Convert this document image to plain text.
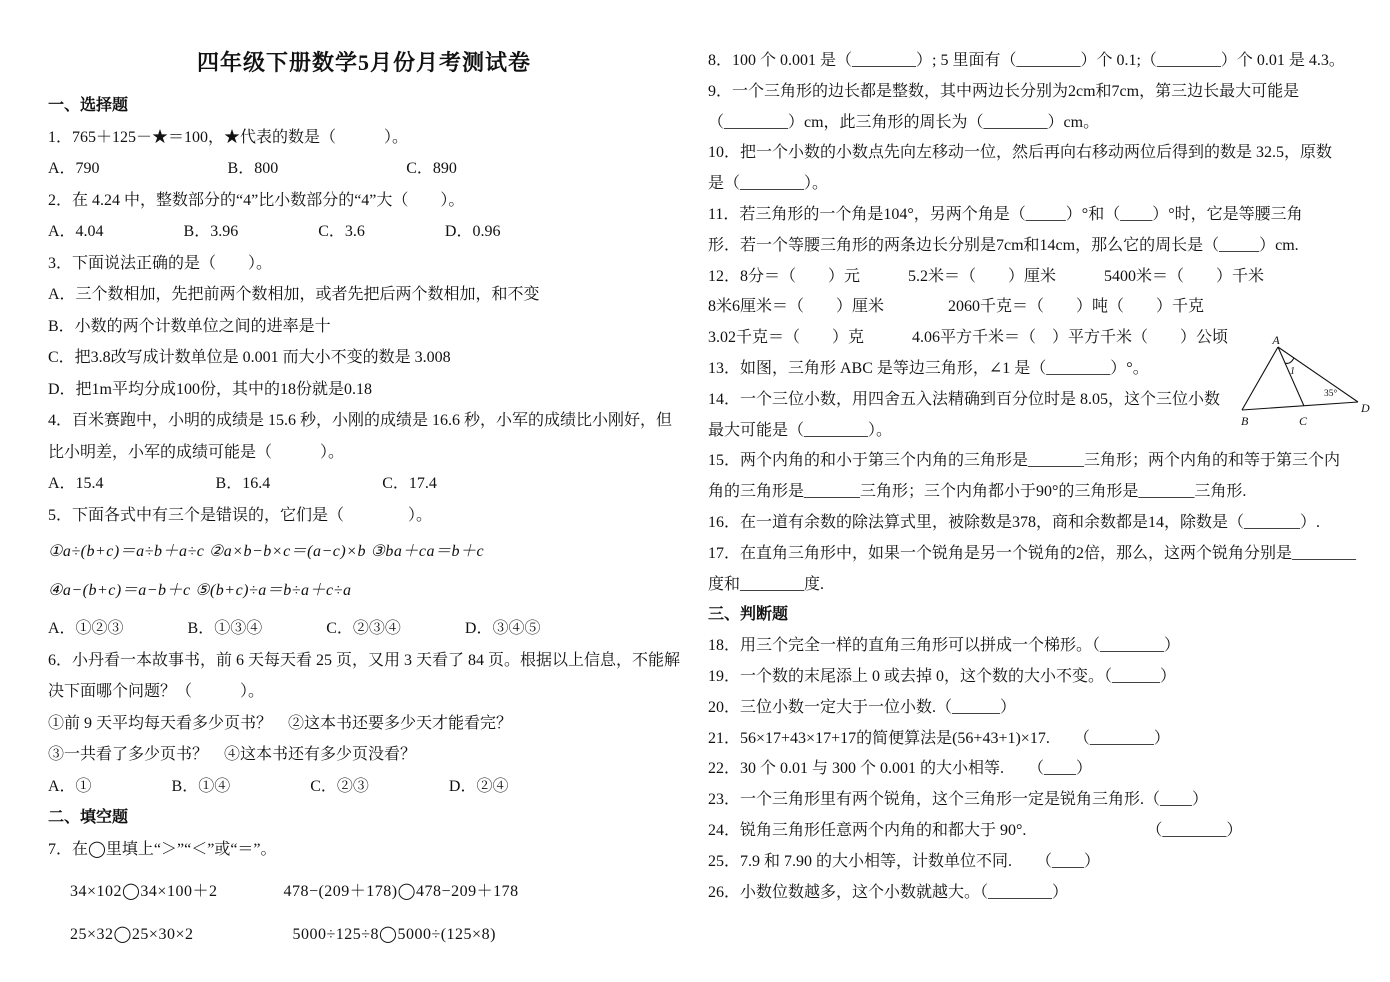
四年级下册数学5月份月考测试卷
一、选择题
1．765＋125－★＝100，★代表的数是（　　　）。
A．790　　　　　　　　B．800　　　　　　　　C．890
2．在 4.24 中，整数部分的“4”比小数部分的“4”大（　　）。
A．4.04　　　　　B．3.96　　　　　C．3.6　　　　　D．0.96
3．下面说法正确的是（　　）。
A．三个数相加，先把前两个数相加，或者先把后两个数相加，和不变
B．小数的两个计数单位之间的进率是十
C．把3.8改写成计数单位是 0.001 而大小不变的数是 3.008
D．把1m平均分成100份，其中的18份就是0.18
4．百米赛跑中，小明的成绩是 15.6 秒，小刚的成绩是 16.6 秒，小军的成绩比小刚好，但
比小明差，小军的成绩可能是（　　　）。
A．15.4　　　　　　　B．16.4　　　　　　　C．17.4
5．下面各式中有三个是错误的，它们是（　　　　）。
①a÷(b+c)＝a÷b＋a÷c ②a×b−b×c＝(a−c)×b ③ba＋ca＝b＋c
④a−(b+c)＝a−b＋c ⑤(b+c)÷a＝b÷a＋c÷a
A．①②③　　　　B．①③④　　　　C．②③④　　　　D．③④⑤
6．小丹看一本故事书，前 6 天每天看 25 页，又用 3 天看了 84 页。根据以上信息，不能解
决下面哪个问题？（　　　）。
①前 9 天平均每天看多少页书？　②这本书还要多少天才能看完？
③一共看了多少页书？　④这本书还有多少页没看？
A．①　　　　　B．①④　　　　　C．②③　　　　　D．②④
二、填空题
7．在◯里填上“＞”“＜”或“＝”。
34×102◯34×100＋2　　　　478−(209＋178)◯478−209＋178
25×32◯25×30×2　　　　　　5000÷125÷8◯5000÷(125×8)
8．100 个 0.001 是（________）; 5 里面有（________）个 0.1;（________）个 0.01 是 4.3。
9．一个三角形的边长都是整数，其中两边长分别为2cm和7cm，第三边长最大可能是
（________）cm，此三角形的周长为（________）cm。
10．把一个小数的小数点先向左移动一位，然后再向右移动两位后得到的数是 32.5，原数
是（________）。
11．若三角形的一个角是104°，另两个角是（_____）°和（____）°时，它是等腰三角
形．若一个等腰三角形的两条边长分别是7cm和14cm，那么它的周长是（_____）cm.
12．8分＝（　　）元　　　5.2米＝（　　）厘米　　　5400米＝（　　）千米
8米6厘米＝（　　）厘米　　　　2060千克＝（　　）吨（　　）千克
3.02千克＝（　　）克　　　4.06平方千米＝（　）平方千米（　　）公顷
13．如图，三角形 ABC 是等边三角形，∠1 是（________）°。
14．一个三位小数，用四舍五入法精确到百分位时是 8.05，这个三位小数
最大可能是（________）。
15．两个内角的和小于第三个内角的三角形是_______三角形；两个内角的和等于第三个内
角的三角形是_______三角形；三个内角都小于90°的三角形是_______三角形.
16．在一道有余数的除法算式里，被除数是378，商和余数都是14，除数是（_______）.
17．在直角三角形中，如果一个锐角是另一个锐角的2倍，那么，这两个锐角分别是________
度和________度.
三、判断题
18．用三个完全一样的直角三角形可以拼成一个梯形。（________）
19．一个数的末尾添上 0 或去掉 0，这个数的大小不变。（______）
20．三位小数一定大于一位小数.（______）
21．56×17+43×17+17的简便算法是(56+43+1)×17.　　（________）
22．30 个 0.01 与 300 个 0.001 的大小相等.　　（____）
23．一个三角形里有两个锐角，这个三角形一定是锐角三角形.（____）
24．锐角三角形任意两个内角的和都大于 90°.　　　　　　　　（________）
25．7.9 和 7.90 的大小相等，计数单位不同.　　（____）
26．小数位数越多，这个小数就越大。（________）
A
B	C
D
1
35°
